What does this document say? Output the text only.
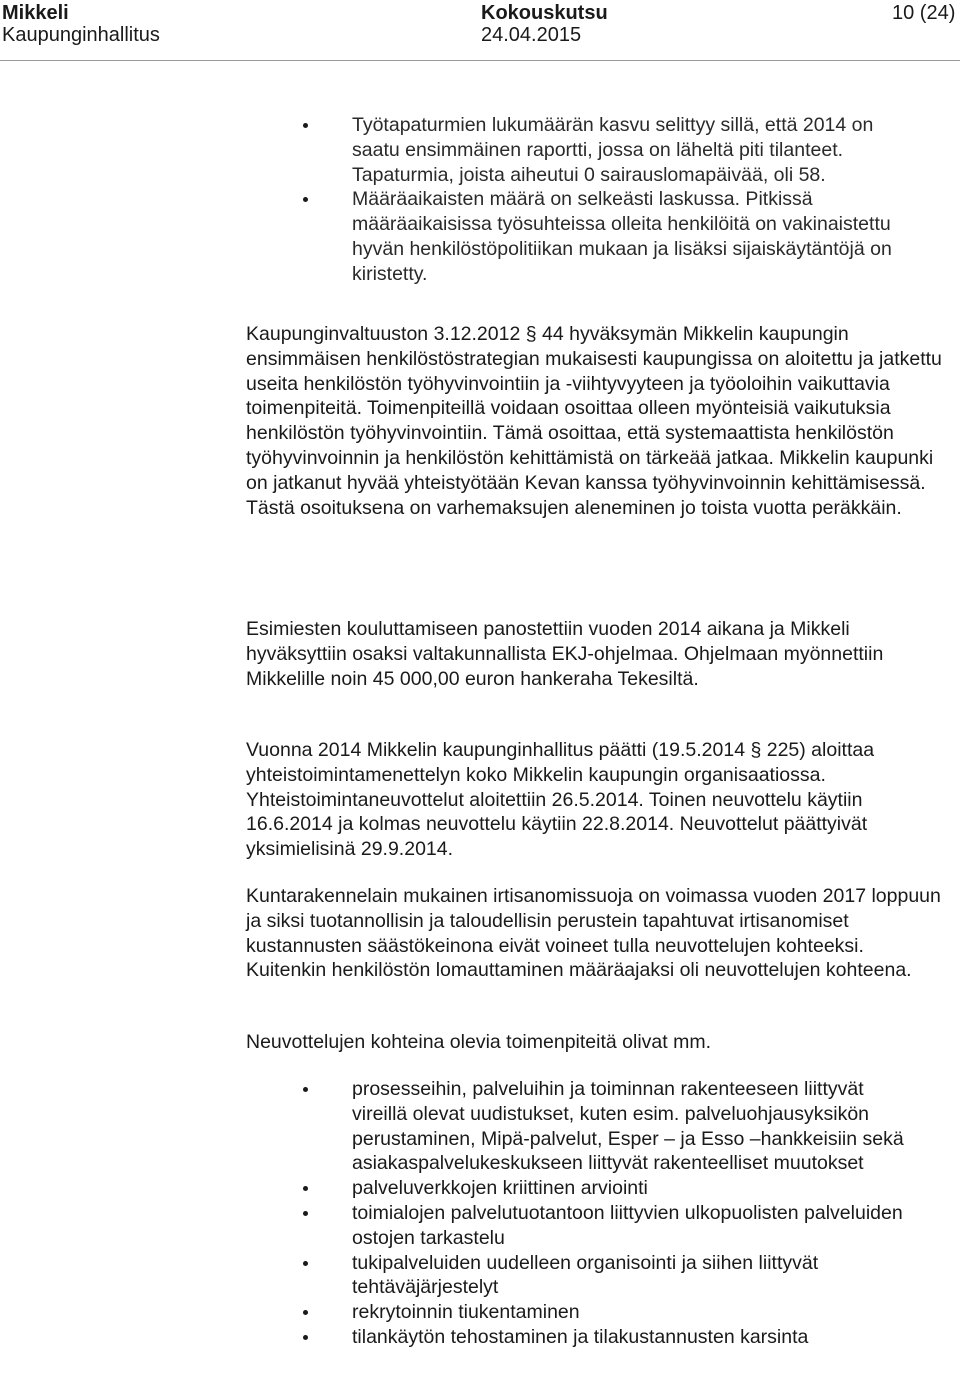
Mikkeli
Kaupunginhallitus
Kokouskutsu
24.04.2015
10 (24)
Työtapaturmien lukumäärän kasvu selittyy sillä, että 2014 on saatu ensimmäinen raportti, jossa on läheltä piti tilanteet. Tapaturmia, joista aiheutui 0 sairauslomapäivää, oli 58.
Määräaikaisten määrä on selkeästi laskussa. Pitkissä määräaikaisissa työsuhteissa olleita henkilöitä on vakinaistettu hyvän henkilöstöpolitiikan mukaan ja lisäksi sijaiskäytäntöjä on kiristetty.

Kaupunginvaltuuston 3.12.2012 § 44 hyväksymän Mikkelin kaupungin ensimmäisen henkilöstöstrategian mukaisesti kaupungissa on aloitettu ja jatkettu useita henkilöstön työhyvinvointiin ja -viihtyvyyteen ja työoloihin vaikuttavia toimenpiteitä. Toimenpiteillä voidaan osoittaa olleen myönteisiä vaikutuksia henkilöstön työhyvinvointiin. Tämä osoittaa, että systemaattista henkilöstön työhyvinvoinnin ja henkilöstön kehittämistä on tärkeää jatkaa. Mikkelin kaupunki on jatkanut hyvää yhteistyötään Kevan kanssa työhyvinvoinnin kehittämisessä. Tästä osoituksena on varhemaksujen aleneminen jo toista vuotta peräkkäin.

Esimiesten kouluttamiseen panostettiin vuoden 2014 aikana ja Mikkeli hyväksyttiin osaksi valtakunnallista EKJ-ohjelmaa. Ohjelmaan myönnettiin Mikkelille noin 45 000,00 euron hankeraha Tekesiltä.

Vuonna 2014 Mikkelin kaupunginhallitus päätti (19.5.2014 § 225) aloittaa yhteistoimintamenettelyn koko Mikkelin kaupungin organisaatiossa. Yhteistoimintaneuvottelut aloitettiin 26.5.2014. Toinen neuvottelu käytiin 16.6.2014 ja kolmas neuvottelu käytiin 22.8.2014. Neuvottelut päättyivät yksimielisinä 29.9.2014.

Kuntarakennelain mukainen irtisanomissuoja on voimassa vuoden 2017 loppuun ja siksi tuotannollisin ja taloudellisin perustein tapahtuvat irtisanomiset kustannusten säästökeinona eivät voineet tulla neuvottelujen kohteeksi. Kuitenkin henkilöstön lomauttaminen määräajaksi oli neuvottelujen kohteena.

Neuvottelujen kohteina olevia toimenpiteitä olivat mm.

prosesseihin, palveluihin ja toiminnan rakenteeseen liittyvät vireillä olevat uudistukset, kuten esim. palveluohjausyksikön perustaminen, Mipä-palvelut, Esper – ja Esso –hankkeisiin sekä asiakaspalvelukeskukseen liittyvät rakenteelliset muutokset
palveluverkkojen kriittinen arviointi
toimialojen palvelutuotantoon liittyvien ulkopuolisten palveluiden ostojen tarkastelu
tukipalveluiden uudelleen organisointi ja siihen liittyvät tehtäväjärjestelyt
rekrytoinnin tiukentaminen
tilankäytön tehostaminen ja tilakustannusten karsinta
